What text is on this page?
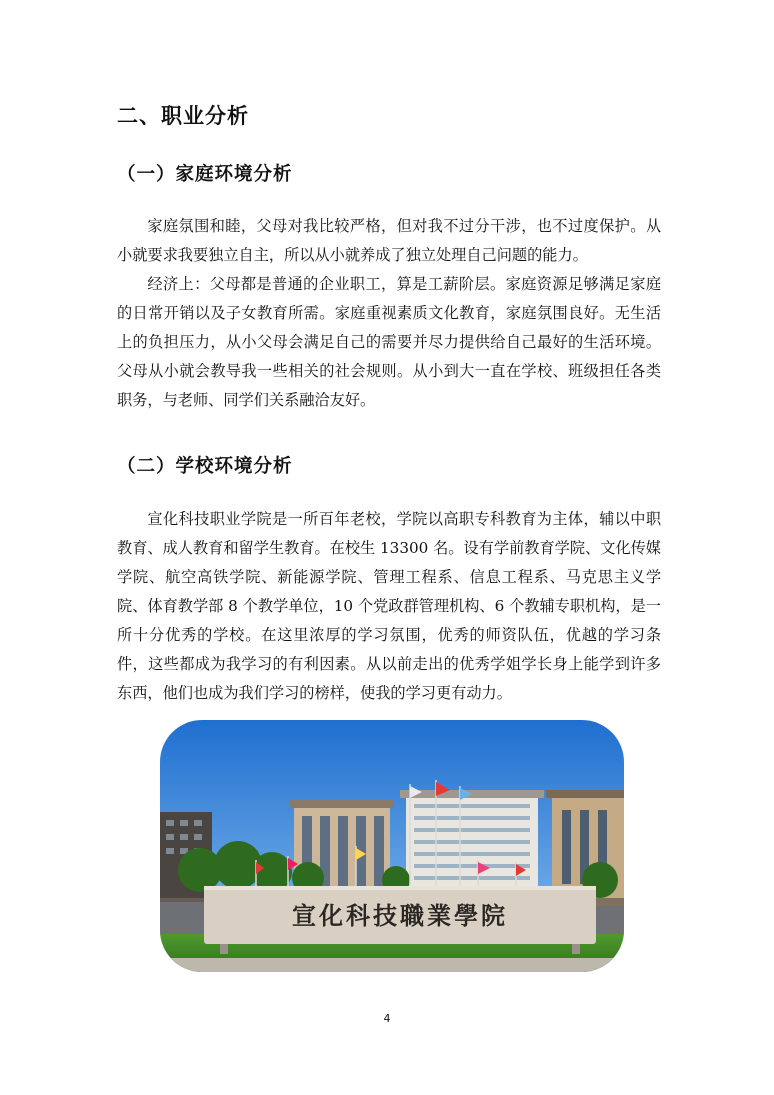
二、职业分析
（一）家庭环境分析

家庭氛围和睦，父母对我比较严格，但对我不过分干涉，也不过度保护。从小就要求我要独立自主，所以从小就养成了独立处理自己问题的能力。

经济上：父母都是普通的企业职工，算是工薪阶层。家庭资源足够满足家庭的日常开销以及子女教育所需。家庭重视素质文化教育，家庭氛围良好。无生活上的负担压力，从小父母会满足自己的需要并尽力提供给自己最好的生活环境。父母从小就会教导我一些相关的社会规则。从小到大一直在学校、班级担任各类职务，与老师、同学们关系融洽友好。

（二）学校环境分析

宣化科技职业学院是一所百年老校，学院以高职专科教育为主体，辅以中职教育、成人教育和留学生教育。在校生 13300 名。设有学前教育学院、文化传媒学院、航空高铁学院、新能源学院、管理工程系、信息工程系、马克思主义学院、体育教学部 8 个教学单位，10 个党政群管理机构、6 个教辅专职机构，是一所十分优秀的学校。在这里浓厚的学习氛围，优秀的师资队伍，优越的学习条件，这些都成为我学习的有利因素。从以前走出的优秀学姐学长身上能学到许多东西，他们也成为我们学习的榜样，使我的学习更有动力。

宣化科技職業學院
4
